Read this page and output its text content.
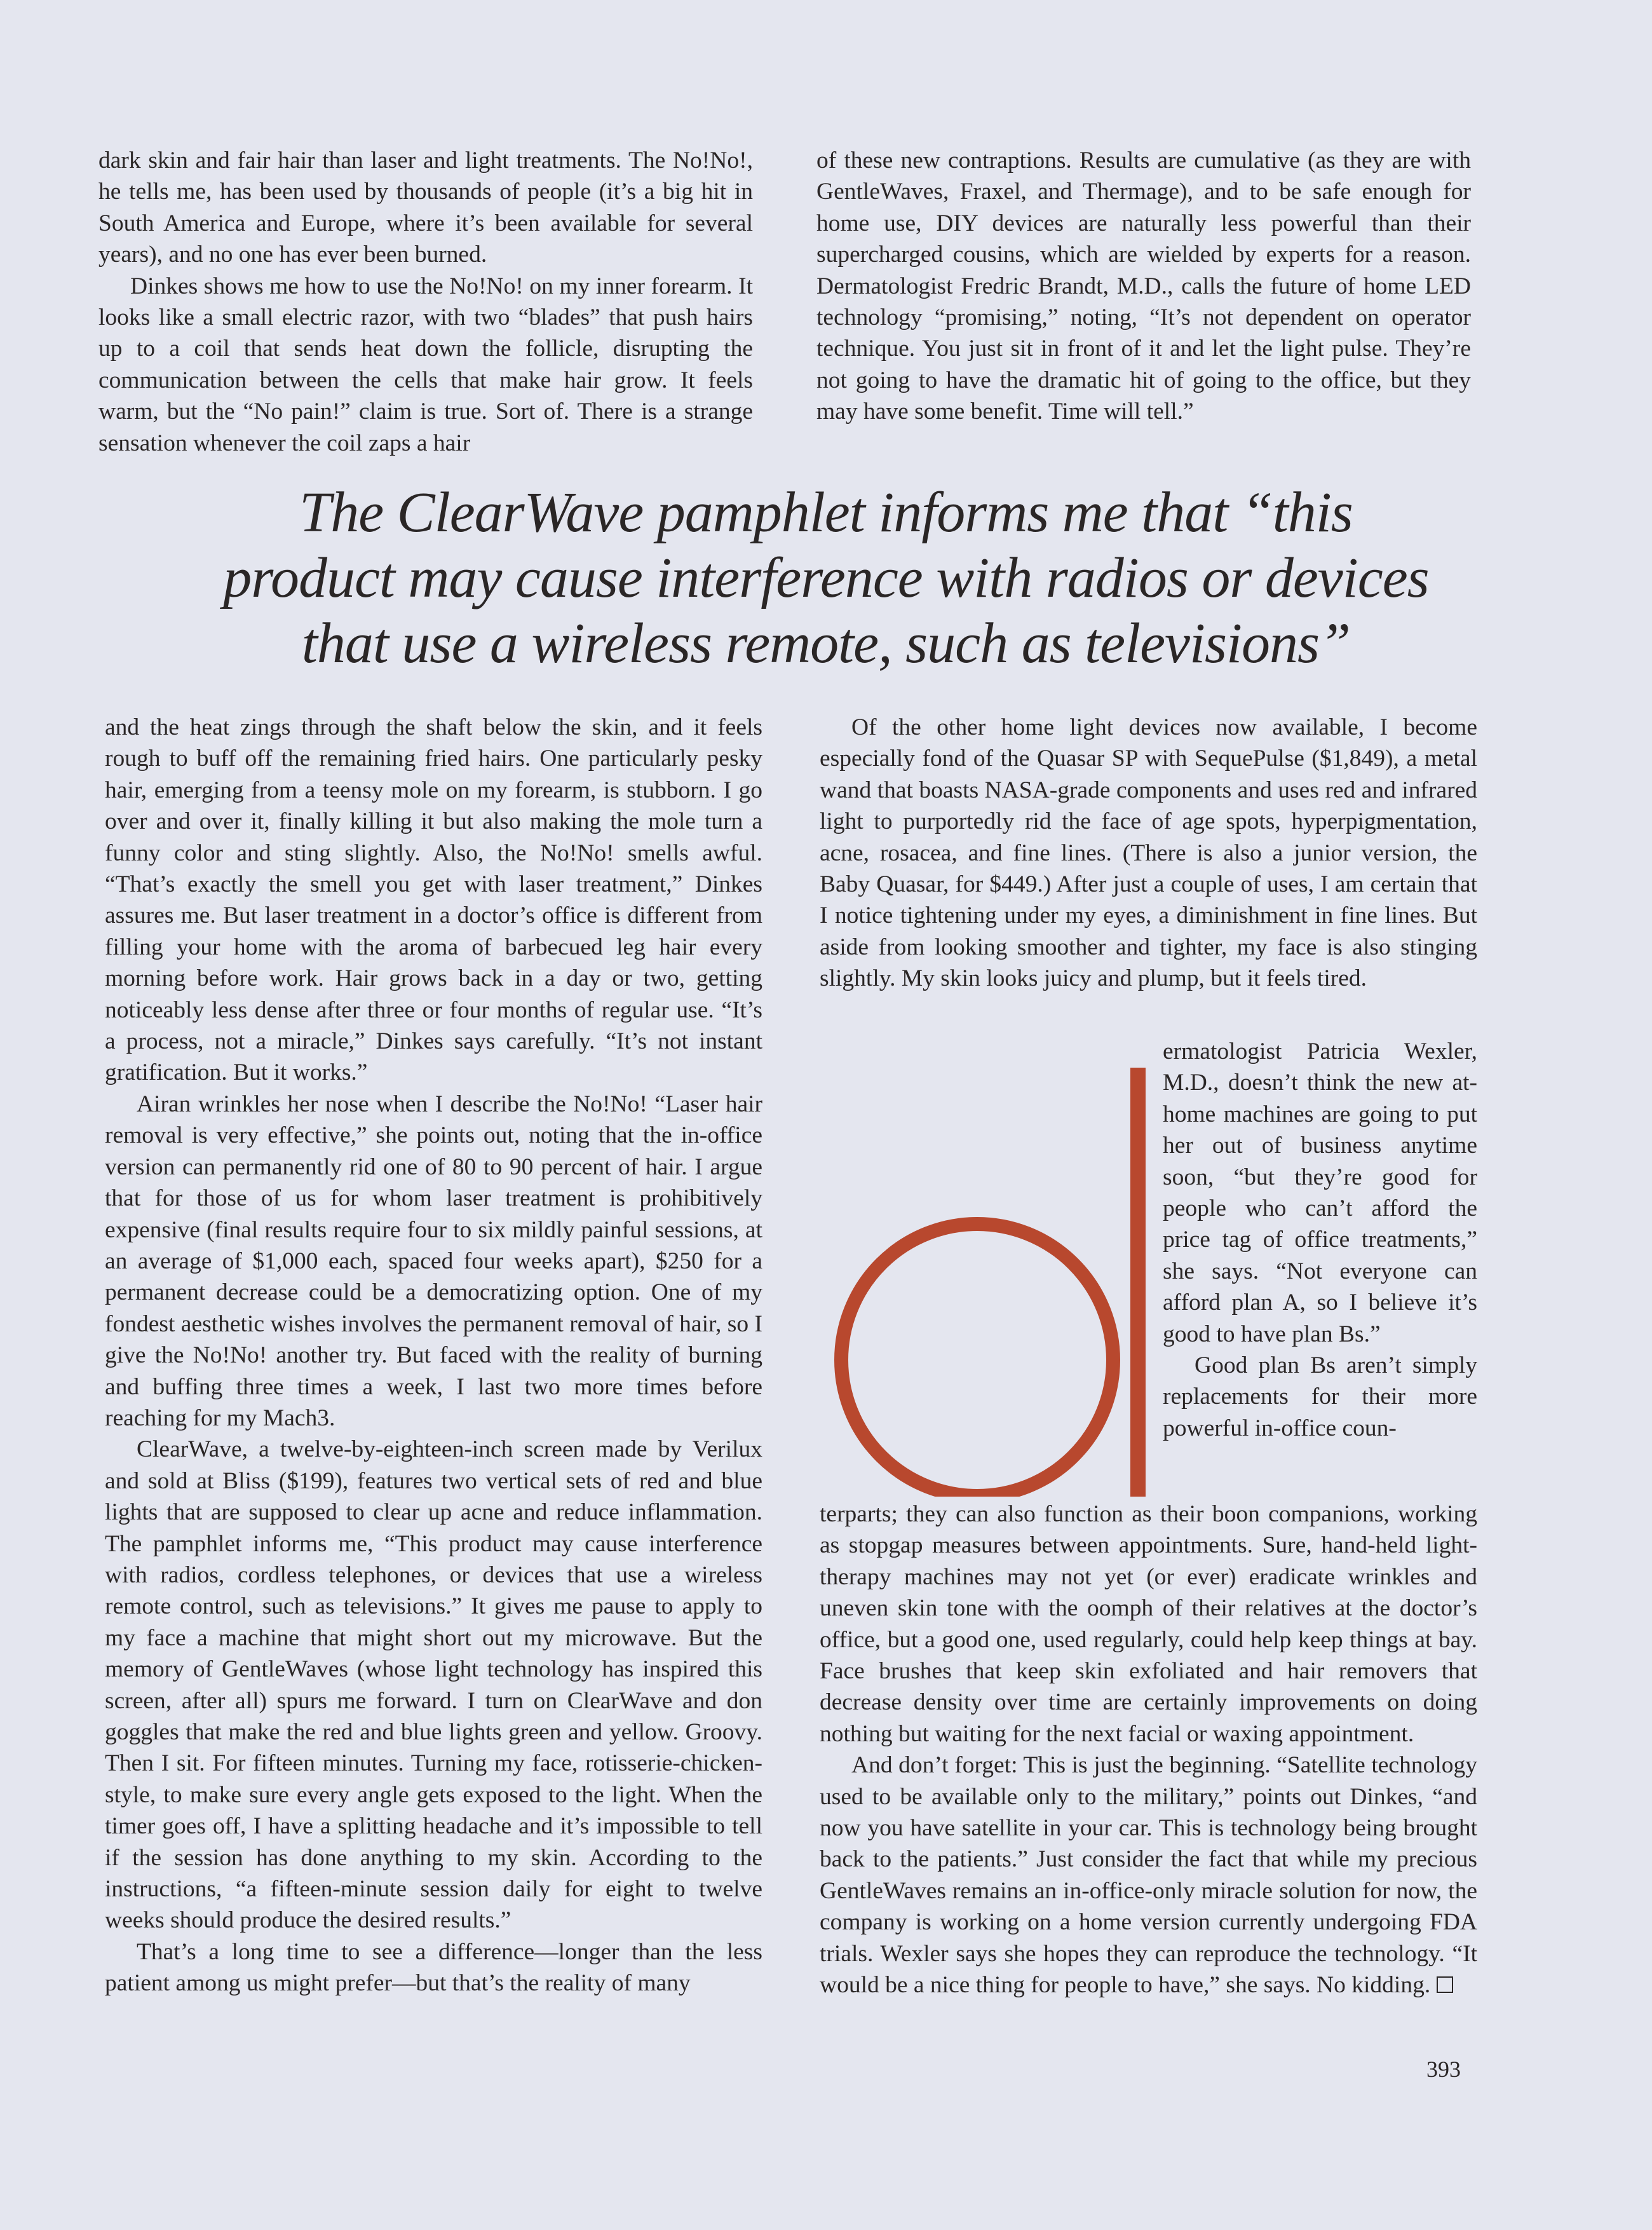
dark skin and fair hair than laser and light treatments. The No!No!, he tells me, has been used by thousands of people (it’s a big hit in South America and Europe, where it’s been available for several years), and no one has ever been burned.

Dinkes shows me how to use the No!No! on my inner forearm. It looks like a small electric razor, with two “blades” that push hairs up to a coil that sends heat down the follicle, disrupting the communication between the cells that make hair grow. It feels warm, but the “No pain!” claim is true. Sort of. There is a strange sensation whenever the coil zaps a hair

of these new contraptions. Results are cumulative (as they are with GentleWaves, Fraxel, and Thermage), and to be safe enough for home use, DIY devices are naturally less powerful than their supercharged cousins, which are wielded by experts for a reason. Dermatologist Fredric Brandt, M.D., calls the future of home LED technology “promising,” noting, “It’s not dependent on operator technique. You just sit in front of it and let the light pulse. They’re not going to have the dramatic hit of going to the office, but they may have some benefit. Time will tell.”

The ClearWave pamphlet informs me that “this
product may cause interference with radios or devices
that use a wireless remote, such as televisions”

and the heat zings through the shaft below the skin, and it feels rough to buff off the remaining fried hairs. One particularly pesky hair, emerging from a teensy mole on my forearm, is stubborn. I go over and over it, finally killing it but also making the mole turn a funny color and sting slightly. Also, the No!No! smells awful. “That’s exactly the smell you get with laser treatment,” Dinkes assures me. But laser treatment in a doctor’s office is different from filling your home with the aroma of barbecued leg hair every morning before work. Hair grows back in a day or two, getting noticeably less dense after three or four months of regular use. “It’s a process, not a miracle,” Dinkes says carefully. “It’s not instant gratification. But it works.”

Airan wrinkles her nose when I describe the No!No! “Laser hair removal is very effective,” she points out, noting that the in-office version can permanently rid one of 80 to 90 percent of hair. I argue that for those of us for whom laser treatment is prohibitively expensive (final results require four to six mildly painful sessions, at an average of $1,000 each, spaced four weeks apart), $250 for a permanent decrease could be a democratizing option. One of my fondest aesthetic wishes involves the permanent removal of hair, so I give the No!No! another try. But faced with the reality of burning and buffing three times a week, I last two more times before reaching for my Mach3.

ClearWave, a twelve-by-eighteen-inch screen made by Verilux and sold at Bliss ($199), features two vertical sets of red and blue lights that are supposed to clear up acne and reduce inflammation. The pamphlet informs me, “This product may cause interference with radios, cordless telephones, or devices that use a wireless remote control, such as televisions.” It gives me pause to apply to my face a machine that might short out my microwave. But the memory of GentleWaves (whose light technology has inspired this screen, after all) spurs me forward. I turn on ClearWave and don goggles that make the red and blue lights green and yellow. Groovy. Then I sit. For fifteen minutes. Turning my face, rotisserie-chicken-style, to make sure every angle gets exposed to the light. When the timer goes off, I have a splitting headache and it’s impossible to tell if the session has done anything to my skin. According to the instructions, “a fifteen-minute session daily for eight to twelve weeks should produce the desired results.”

That’s a long time to see a difference—longer than the less patient among us might prefer—but that’s the reality of many

Of the other home light devices now available, I become especially fond of the Quasar SP with SequePulse ($1,849), a metal wand that boasts NASA-grade components and uses red and infrared light to purportedly rid the face of age spots, hyperpigmentation, acne, rosacea, and fine lines. (There is also a junior version, the Baby Quasar, for $449.) After just a couple of uses, I am certain that I notice tightening under my eyes, a diminishment in fine lines. But aside from looking smoother and tighter, my face is also stinging slightly. My skin looks juicy and plump, but it feels tired.

ermatologist Patricia Wexler, M.D., doesn’t think the new at-home machines are going to put her out of business anytime soon, “but they’re good for people who can’t afford the price tag of office treatments,” she says. “Not everyone can afford plan A, so I believe it’s good to have plan Bs.”

Good plan Bs aren’t simply replacements for their more powerful in-office coun-

terparts; they can also function as their boon companions, working as stopgap measures between appointments. Sure, hand-held light-therapy machines may not yet (or ever) eradicate wrinkles and uneven skin tone with the oomph of their relatives at the doctor’s office, but a good one, used regularly, could help keep things at bay. Face brushes that keep skin exfoliated and hair removers that decrease density over time are certainly improvements on doing nothing but waiting for the next facial or waxing appointment.

And don’t forget: This is just the beginning. “Satellite technology used to be available only to the military,” points out Dinkes, “and now you have satellite in your car. This is technology being brought back to the patients.” Just consider the fact that while my precious GentleWaves remains an in-office-only miracle solution for now, the company is working on a home version currently undergoing FDA trials. Wexler says she hopes they can reproduce the technology. “It would be a nice thing for people to have,” she says. No kidding.

393
